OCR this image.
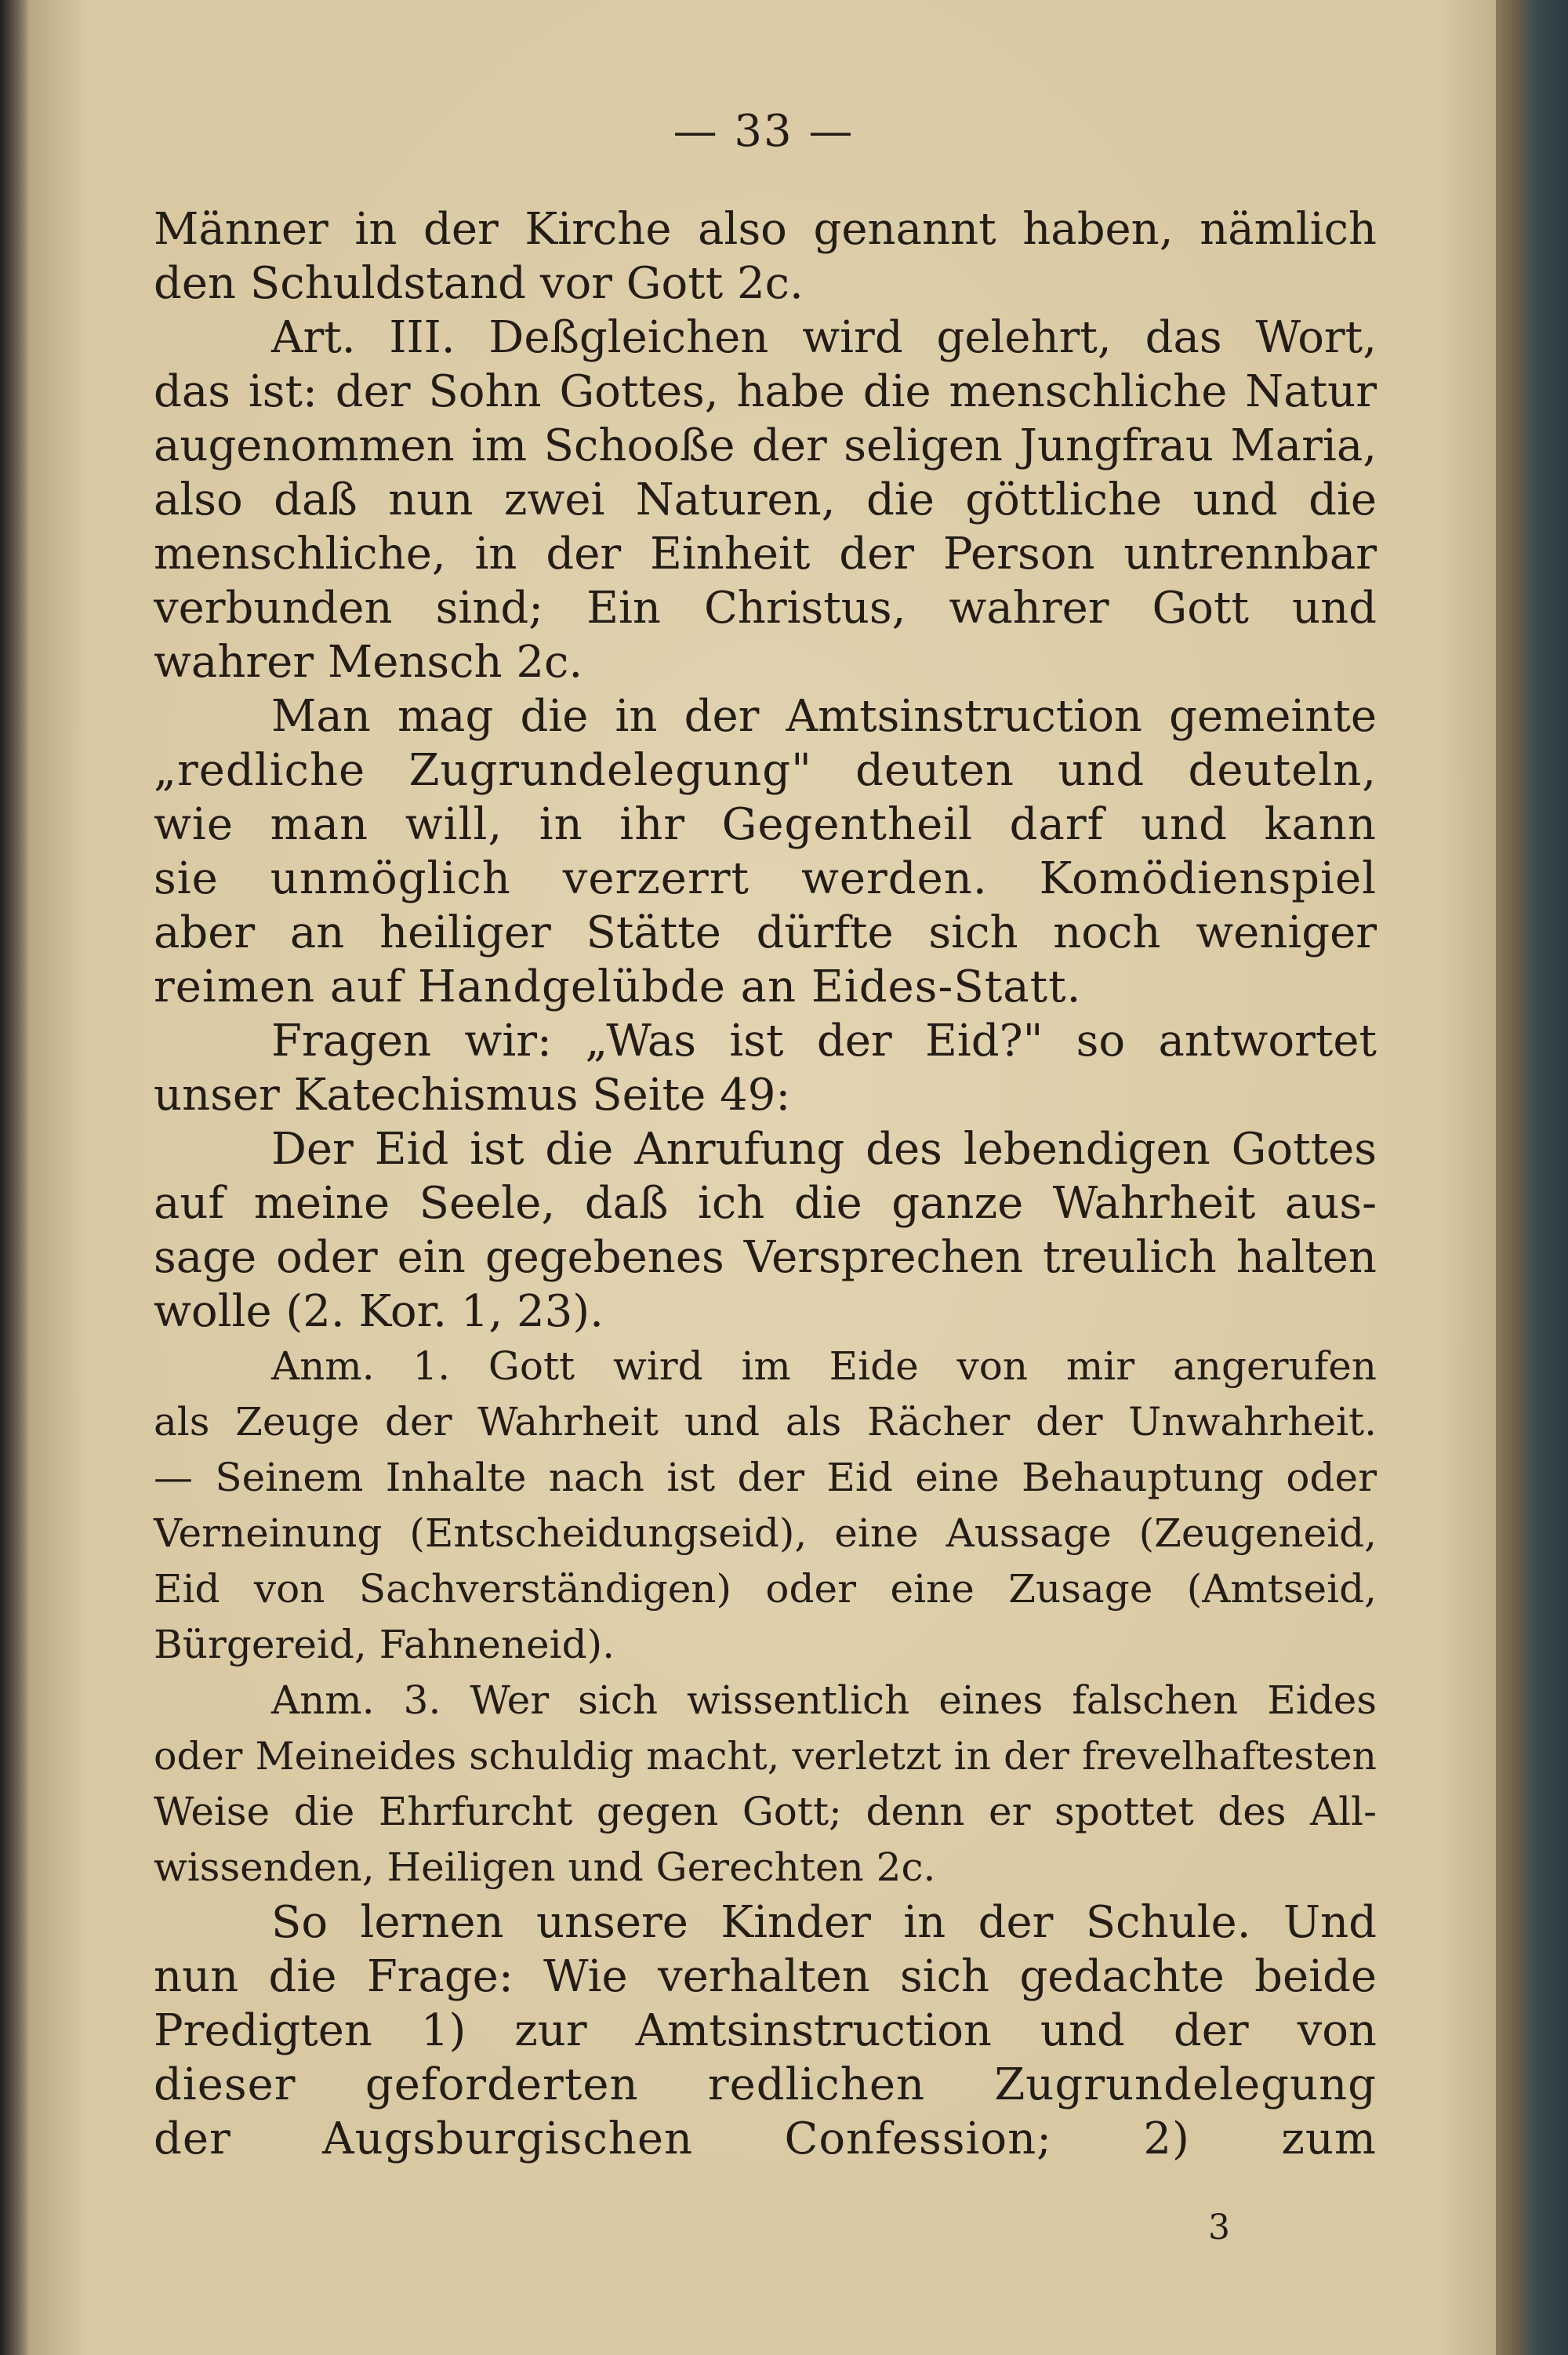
— 33 —
Männer in der Kirche also genannt haben, nämlich
den Schuldstand vor Gott 2c.
Art. III. Deßgleichen wird gelehrt, das Wort,
das ist: der Sohn Gottes, habe die menschliche Natur
augenommen im Schooße der seligen Jungfrau Maria,
also daß nun zwei Naturen, die göttliche und die
menschliche, in der Einheit der Person untrennbar
verbunden sind; Ein Christus, wahrer Gott und
wahrer Mensch 2c.
Man mag die in der Amtsinstruction gemeinte
„redliche Zugrundelegung" deuten und deuteln,
wie man will, in ihr Gegentheil darf und kann
sie unmöglich verzerrt werden. Komödienspiel
aber an heiliger Stätte dürfte sich noch weniger
reimen auf Handgelübde an Eides-Statt.
Fragen wir: „Was ist der Eid?" so antwortet
unser Katechismus Seite 49:
Der Eid ist die Anrufung des lebendigen Gottes
auf meine Seele, daß ich die ganze Wahrheit aus-
sage oder ein gegebenes Versprechen treulich halten
wolle (2. Kor. 1, 23).
Anm. 1. Gott wird im Eide von mir angerufen
als Zeuge der Wahrheit und als Rächer der Unwahrheit.
— Seinem Inhalte nach ist der Eid eine Behauptung oder
Verneinung (Entscheidungseid), eine Aussage (Zeugeneid,
Eid von Sachverständigen) oder eine Zusage (Amtseid,
Bürgereid, Fahneneid).
Anm. 3. Wer sich wissentlich eines falschen Eides
oder Meineides schuldig macht, verletzt in der frevelhaftesten
Weise die Ehrfurcht gegen Gott; denn er spottet des All-
wissenden, Heiligen und Gerechten 2c.
So lernen unsere Kinder in der Schule. Und
nun die Frage: Wie verhalten sich gedachte beide
Predigten 1) zur Amtsinstruction und der von
dieser geforderten redlichen Zugrundelegung
der Augsburgischen Confession; 2) zum
3
